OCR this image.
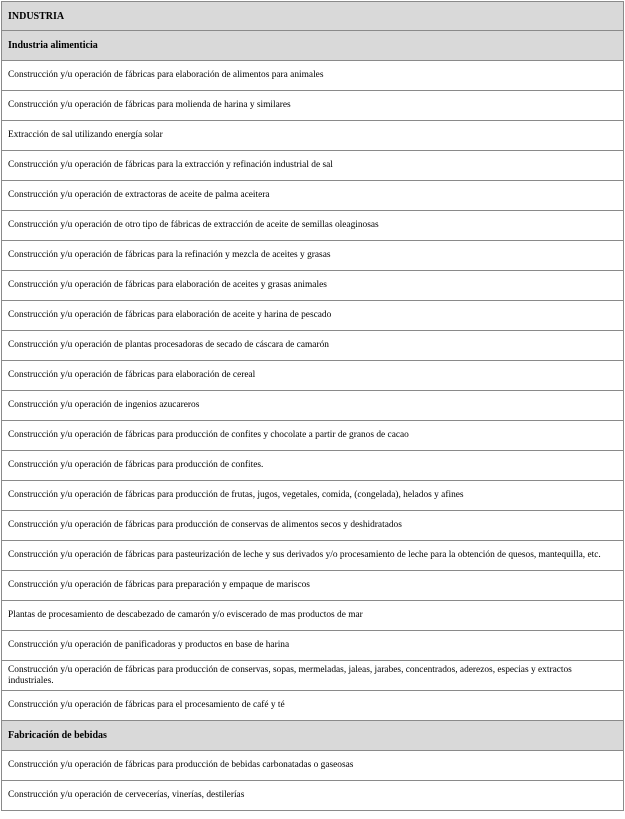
INDUSTRIA
Industria alimenticia
Construcción y/u operación de fábricas para elaboración de alimentos para animales
Construcción y/u operación de fábricas para molienda de harina y similares
Extracción de sal utilizando energía solar
Construcción y/u operación de fábricas para la extracción y refinación industrial de sal
Construcción y/u operación de extractoras de aceite de palma aceitera
Construcción y/u operación de otro tipo de fábricas de extracción de aceite de semillas oleaginosas
Construcción y/u operación de fábricas para la refinación y mezcla de aceites y grasas
Construcción y/u operación de fábricas para elaboración de aceites y grasas animales
Construcción y/u operación de fábricas para elaboración de aceite y harina de pescado
Construcción y/u operación de plantas procesadoras de secado de cáscara de camarón
Construcción y/u operación de fábricas para elaboración de cereal
Construcción y/u operación de ingenios azucareros
Construcción y/u operación de fábricas para producción de confites y chocolate a partir de granos de cacao
Construcción y/u operación de fábricas para producción de confites.
Construcción y/u operación de fábricas para producción de frutas, jugos, vegetales, comida, (congelada), helados y afines
Construcción y/u operación de fábricas para producción de conservas de alimentos secos y deshidratados
Construcción y/u operación de fábricas para pasteurización de leche y sus derivados y/o procesamiento de leche para la obtención de quesos, mantequilla, etc.
Construcción y/u operación de fábricas para preparación y empaque de mariscos
Plantas de procesamiento de descabezado de camarón y/o eviscerado de mas productos de mar
Construcción y/u operación de panificadoras y productos en base de harina
Construcción y/u operación de fábricas para producción de conservas, sopas, mermeladas, jaleas, jarabes, concentrados, aderezos, especias y extractos industriales.
Construcción y/u operación de fábricas para el procesamiento de café y té
Fabricación de bebidas
Construcción y/u operación de fábricas para producción de bebidas carbonatadas o gaseosas
Construcción y/u operación de cervecerías, vinerías, destilerías
